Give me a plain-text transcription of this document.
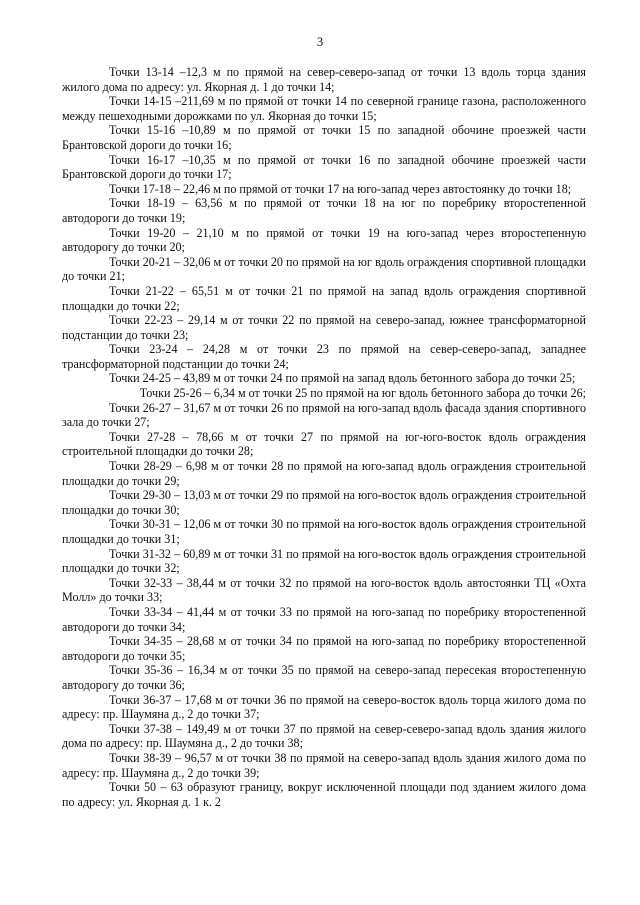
3

Точки 13-14 –12,3 м по прямой на север-северо-запад от точки 13 вдоль торца здания жилого дома по адресу: ул. Якорная д. 1 до точки 14;

Точки 14-15 –211,69 м по прямой от точки 14 по северной границе газона, расположенного между пешеходными дорожками по ул. Якорная до точки 15;

Точки 15-16 –10,89 м по прямой от точки 15 по западной обочине проезжей части Брантовской дороги до точки 16;

Точки 16-17 –10,35 м по прямой от точки 16 по западной обочине проезжей части Брантовской дороги до точки 17;

Точки 17-18 – 22,46 м по прямой от точки 17 на юго-запад через автостоянку до точки 18;

Точки 18-19 – 63,56 м по прямой от точки 18 на юг по поребрику второстепенной автодороги до точки 19;

Точки 19-20 – 21,10 м по прямой от точки 19 на юго-запад через второстепенную автодорогу до точки 20;

Точки 20-21 – 32,06 м от точки 20 по прямой на юг вдоль ограждения спортивной площадки до точки 21;

Точки 21-22 – 65,51 м от точки 21 по прямой на запад вдоль ограждения спортивной площадки до точки 22;

Точки 22-23 – 29,14 м от точки 22 по прямой на северо-запад, южнее трансформаторной подстанции до точки 23;

Точки 23-24 – 24,28 м от точки 23 по прямой на север-северо-запад, западнее трансформаторной подстанции до точки 24;

Точки 24-25 – 43,89 м от точки 24 по прямой на запад вдоль бетонного забора до точки 25;

Точки 25-26 – 6,34 м от точки 25 по прямой на юг вдоль бетонного забора до точки 26;

Точки 26-27 – 31,67 м от точки 26 по прямой на юго-запад вдоль фасада здания спортивного зала до точки 27;

Точки 27-28 – 78,66 м от точки 27 по прямой на юг-юго-восток вдоль ограждения строительной площадки до точки 28;

Точки 28-29 – 6,98 м от точки 28 по прямой на юго-запад вдоль ограждения строительной площадки до точки 29;

Точки 29-30 – 13,03 м от точки 29 по прямой на юго-восток вдоль ограждения строительной площадки до точки 30;

Точки 30-31 – 12,06 м от точки 30 по прямой на юго-восток вдоль ограждения строительной площадки до точки 31;

Точки 31-32 – 60,89 м от точки 31 по прямой на юго-восток вдоль ограждения строительной площадки до точки 32;

Точки 32-33 – 38,44 м от точки 32 по прямой на юго-восток вдоль автостоянки ТЦ «Охта Молл» до точки 33;

Точки 33-34 – 41,44 м от точки 33 по прямой на юго-запад по поребрику второстепенной автодороги до точки 34;

Точки 34-35 – 28,68 м от точки 34 по прямой на юго-запад по поребрику второстепенной автодороги до точки 35;

Точки 35-36 – 16,34 м от точки 35 по прямой на северо-запад пересекая второстепенную автодорогу до точки 36;

Точки 36-37 – 17,68 м от точки 36 по прямой на северо-восток вдоль торца жилого дома по адресу: пр. Шаумяна д., 2 до точки 37;

Точки 37-38 – 149,49 м от точки 37 по прямой на север-северо-запад вдоль здания жилого дома по адресу: пр. Шаумяна д., 2 до точки 38;

Точки 38-39 – 96,57 м от точки 38 по прямой на северо-запад вдоль здания жилого дома по адресу: пр. Шаумяна д., 2 до точки 39;

Точки 50 – 63 образуют границу, вокруг исключенной площади под зданием жилого дома по адресу: ул. Якорная д. 1 к. 2
